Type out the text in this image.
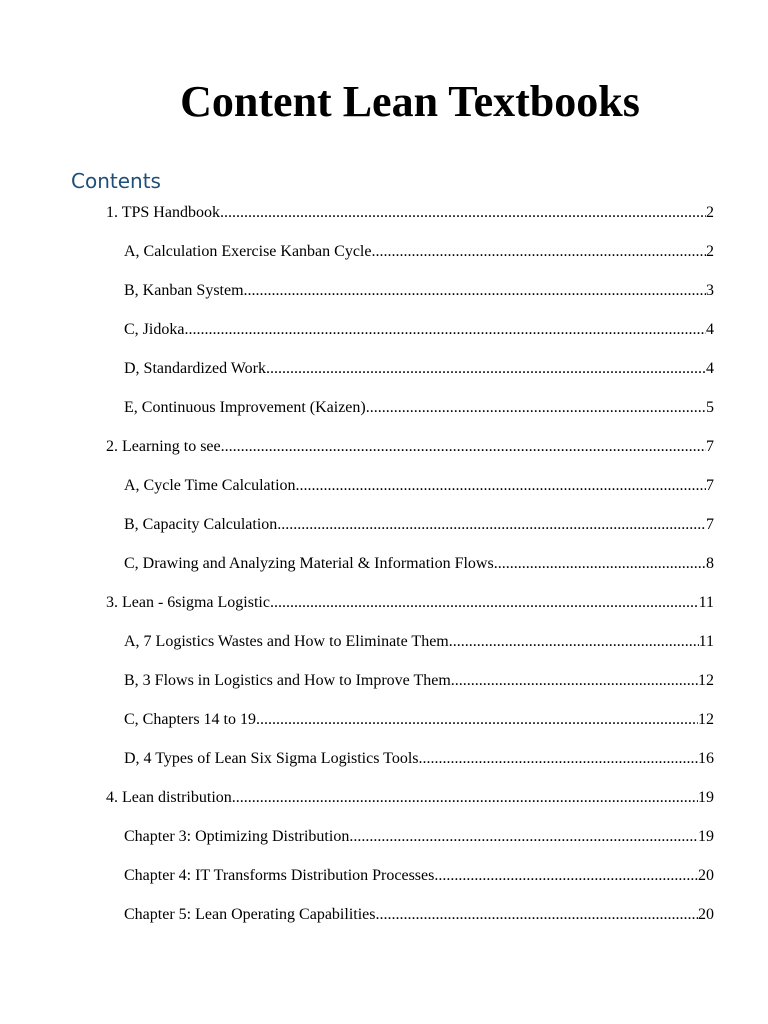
Content Lean Textbooks
Contents
1. TPS Handbook .....	2
A, Calculation Exercise Kanban Cycle .....	2
B, Kanban System .....	3
C, Jidoka .....	4
D, Standardized Work .....	4
E, Continuous Improvement (Kaizen) .....	5
2. Learning to see .....	7
A, Cycle Time Calculation .....	7
B, Capacity Calculation .....	7
C, Drawing and Analyzing Material & Information Flows .....	8
3. Lean - 6sigma Logistic .....	11
A, 7 Logistics Wastes and How to Eliminate Them .....	11
B, 3 Flows in Logistics and How to Improve Them .....	12
C, Chapters 14 to 19 .....	12
D, 4 Types of Lean Six Sigma Logistics Tools .....	16
4. Lean distribution .....	19
Chapter 3: Optimizing Distribution .....	19
Chapter 4: IT Transforms Distribution Processes .....	20
Chapter 5: Lean Operating Capabilities .....	20
